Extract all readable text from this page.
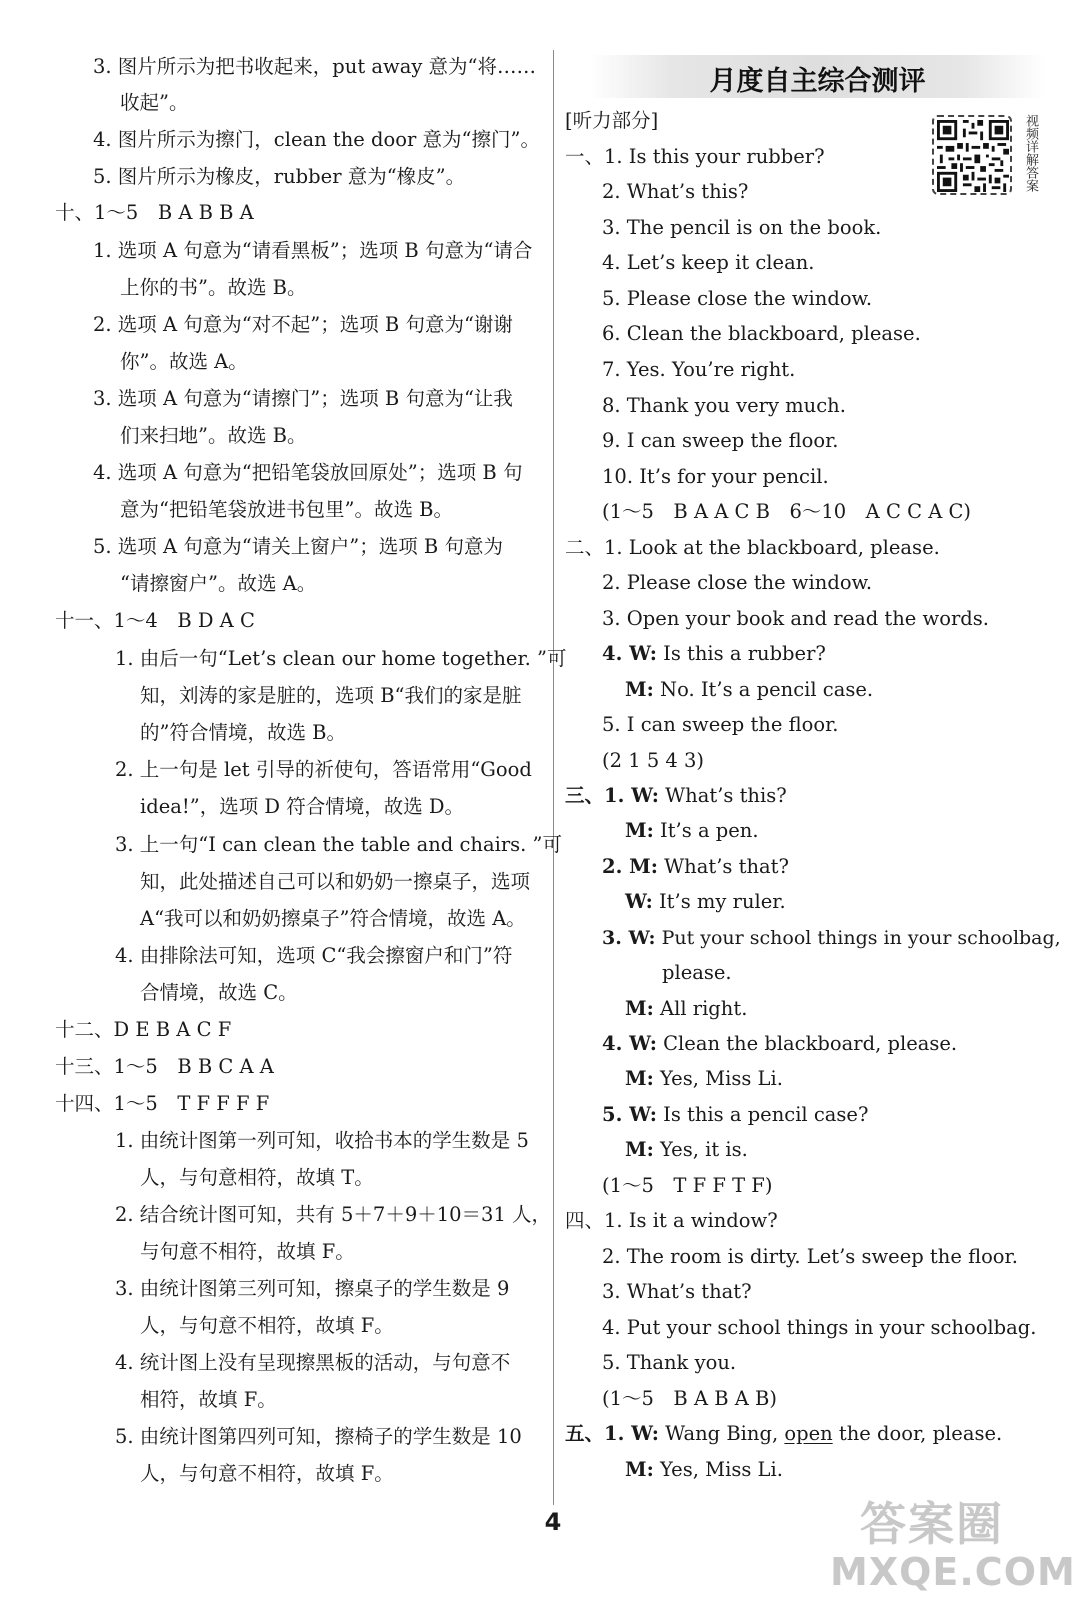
3. 图片所示为把书收起来，put away 意为“将……
收起”。
4. 图片所示为擦门，clean the door 意为“擦门”。
5. 图片所示为橡皮，rubber 意为“橡皮”。
十、1～5　B A B B A
1. 选项 A 句意为“请看黑板”；选项 B 句意为“请合
上你的书”。故选 B。
2. 选项 A 句意为“对不起”；选项 B 句意为“谢谢
你”。故选 A。
3. 选项 A 句意为“请擦门”；选项 B 句意为“让我
们来扫地”。故选 B。
4. 选项 A 句意为“把铅笔袋放回原处”；选项 B 句
意为“把铅笔袋放进书包里”。故选 B。
5. 选项 A 句意为“请关上窗户”；选项 B 句意为
“请擦窗户”。故选 A。
十一、1～4　B D A C
1. 由后一句“Let’s clean our home together. ”可
知，刘涛的家是脏的，选项 B“我们的家是脏
的”符合情境，故选 B。
2. 上一句是 let 引导的祈使句，答语常用“Good
idea!”，选项 D 符合情境，故选 D。
3. 上一句“I can clean the table and chairs. ”可
知，此处描述自己可以和奶奶一擦桌子，选项
A“我可以和奶奶擦桌子”符合情境，故选 A。
4. 由排除法可知，选项 C“我会擦窗户和门”符
合情境，故选 C。
十二、D E B A C F
十三、1～5　B B C A A
十四、1～5　T F F F F
1. 由统计图第一列可知，收拾书本的学生数是 5
人，与句意相符，故填 T。
2. 结合统计图可知，共有 5＋7＋9＋10＝31 人，
与句意不相符，故填 F。
3. 由统计图第三列可知，擦桌子的学生数是 9
人，与句意不相符，故填 F。
4. 统计图上没有呈现擦黑板的活动，与句意不
相符，故填 F。
5. 由统计图第四列可知，擦椅子的学生数是 10
人，与句意不相符，故填 F。
月度自主综合测评
视频详解答案
[听力部分]
一、1. Is this your rubber?
2. What’s this?
3. The pencil is on the book.
4. Let’s keep it clean.
5. Please close the window.
6. Clean the blackboard, please.
7. Yes. You’re right.
8. Thank you very much.
9. I can sweep the floor.
10. It’s for your pencil.
(1～5　B A A C B　6～10　A C C A C)
二、1. Look at the blackboard, please.
2. Please close the window.
3. Open your book and read the words.
4. W: Is this a rubber?
M: No. It’s a pencil case.
5. I can sweep the floor.
(2 1 5 4 3)
三、1. W: What’s this?
M: It’s a pen.
2. M: What’s that?
W: It’s my ruler.
3. W: Put your school things in your schoolbag,
please.
M: All right.
4. W: Clean the blackboard, please.
M: Yes, Miss Li.
5. W: Is this a pencil case?
M: Yes, it is.
(1～5　T F F T F)
四、1. Is it a window?
2. The room is dirty. Let’s sweep the floor.
3. What’s that?
4. Put your school things in your schoolbag.
5. Thank you.
(1～5　B A B A B)
五、1. W: Wang Bing, open the door, please.
M: Yes, Miss Li.
4	答案圈
MXQE.COM
